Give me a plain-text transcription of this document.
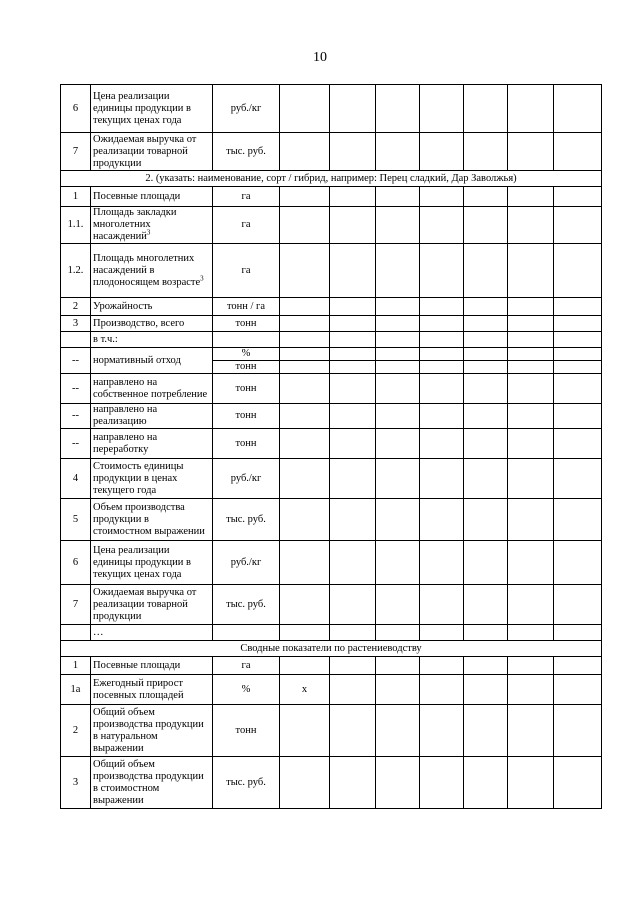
10
6	Цена реализации единицы продукции в текущих ценах года	руб./кг							
7	Ожидаемая выручка от реализации товарной продукции	тыс. руб.							
2. (указать: наименование, сорт / гибрид, например: Перец сладкий, Дар Заволжья)									
1	Посевные площади	га							
1.1.	Площадь закладки многолетних насаждений$^3$	га							
1.2.	Площадь многолетних насаждений в плодоносящем возрасте$^3$	га							
2	Урожайность	тонн / га							
3	Производство, всего	тонн							
	в т.ч.:								
--	нормативный отход	%							
		тонн							
--	направлено на собственное потребление	тонн							
--	направлено на реализацию	тонн							
--	направлено на переработку	тонн							
4	Стоимость единицы продукции в ценах текущего года	руб./кг							
5	Объем производства продукции в стоимостном выражении	тыс. руб.							
6	Цена реализации единицы продукции в текущих ценах года	руб./кг							
7	Ожидаемая выручка от реализации товарной продукции	тыс. руб.							
	…								
Сводные показатели по растениеводству									
1	Посевные площади	га							
1а	Ежегодный прирост посевных площадей	%	х						
2	Общий объем производства продукции в натуральном выражении	тонн							
3	Общий объем производства продукции в стоимостном выражении	тыс. руб.							
